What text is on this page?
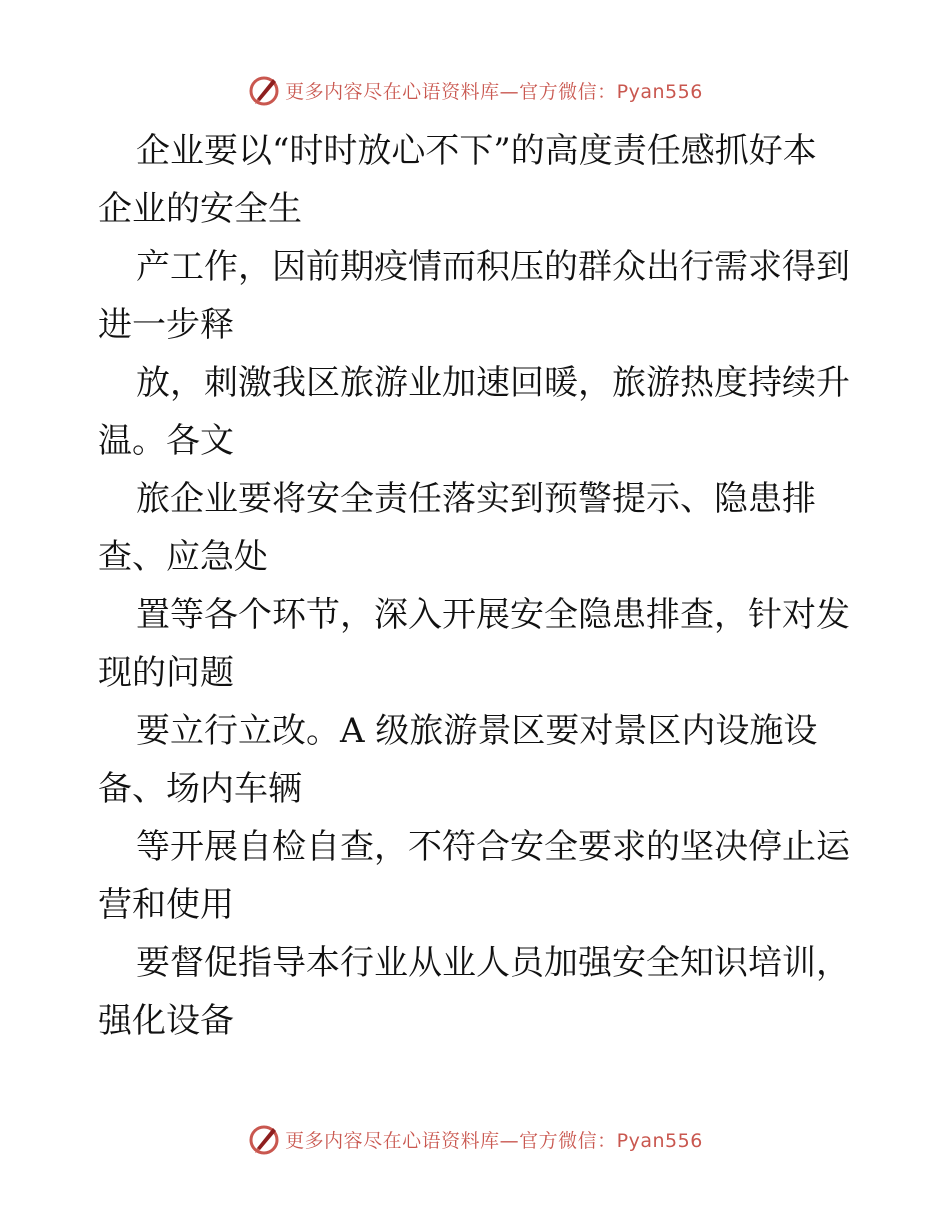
更多内容尽在心语资料库—官方微信：Pyan556
企业要以“时时放心不下”的高度责任感抓好本
企业的安全生
产工作，因前期疫情而积压的群众出行需求得到
进一步释
放，刺激我区旅游业加速回暖，旅游热度持续升
温。各文
旅企业要将安全责任落实到预警提示、隐患排
查、应急处
置等各个环节，深入开展安全隐患排查，针对发
现的问题
要立行立改。A 级旅游景区要对景区内设施设
备、场内车辆
等开展自检自查，不符合安全要求的坚决停止运
营和使用
要督促指导本行业从业人员加强安全知识培训，
强化设备
更多内容尽在心语资料库—官方微信：Pyan556
